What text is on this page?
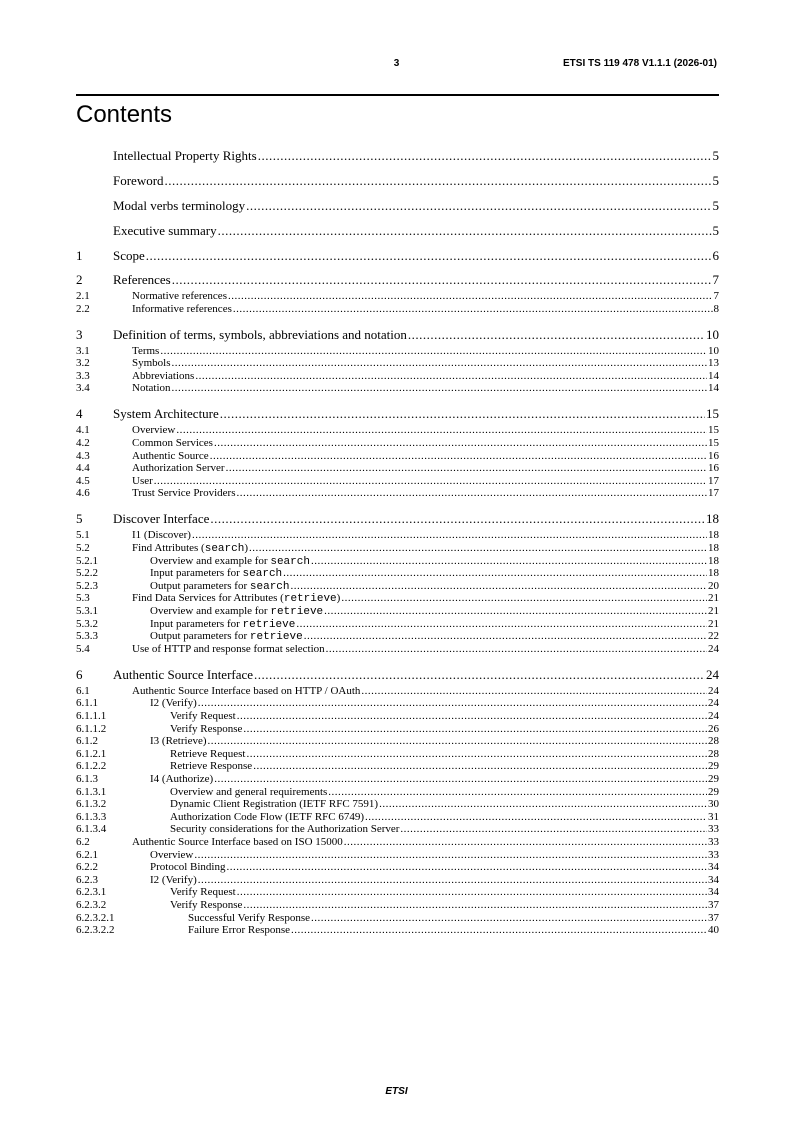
3	ETSI TS 119 478 V1.1.1 (2026-01)
Contents
Intellectual Property Rights .....	5
Foreword .....	5
Modal verbs terminology .....	5
Executive summary .....	5
1	Scope .....	6
2	References .....	7
2.1	Normative references .....	7
2.2	Informative references .....	8
3	Definition of terms, symbols, abbreviations and notation .....	10
3.1	Terms .....	10
3.2	Symbols .....	13
3.3	Abbreviations .....	14
3.4	Notation .....	14
4	System Architecture .....	15
4.1	Overview .....	15
4.2	Common Services .....	15
4.3	Authentic Source .....	16
4.4	Authorization Server .....	16
4.5	User .....	17
4.6	Trust Service Providers .....	17
5	Discover Interface .....	18
5.1	I1 (Discover) .....	18
5.2	Find Attributes (search) .....	18
5.2.1	Overview and example for search .....	18
5.2.2	Input parameters for search .....	18
5.2.3	Output parameters for search .....	20
5.3	Find Data Services for Attributes (retrieve) .....	21
5.3.1	Overview and example for retrieve .....	21
5.3.2	Input parameters for retrieve .....	21
5.3.3	Output parameters for retrieve .....	22
5.4	Use of HTTP and response format selection .....	24
6	Authentic Source Interface .....	24
6.1	Authentic Source Interface based on HTTP / OAuth .....	24
6.1.1	I2 (Verify) .....	24
6.1.1.1	Verify Request .....	24
6.1.1.2	Verify Response .....	26
6.1.2	I3 (Retrieve) .....	28
6.1.2.1	Retrieve Request .....	28
6.1.2.2	Retrieve Response .....	29
6.1.3	I4 (Authorize) .....	29
6.1.3.1	Overview and general requirements .....	29
6.1.3.2	Dynamic Client Registration (IETF RFC 7591) .....	30
6.1.3.3	Authorization Code Flow (IETF RFC 6749) .....	31
6.1.3.4	Security considerations for the Authorization Server .....	33
6.2	Authentic Source Interface based on ISO 15000 .....	33
6.2.1	Overview .....	33
6.2.2	Protocol Binding .....	34
6.2.3	I2 (Verify) .....	34
6.2.3.1	Verify Request .....	34
6.2.3.2	Verify Response .....	37
6.2.3.2.1	Successful Verify Response .....	37
6.2.3.2.2	Failure Error Response .....	40
ETSI
